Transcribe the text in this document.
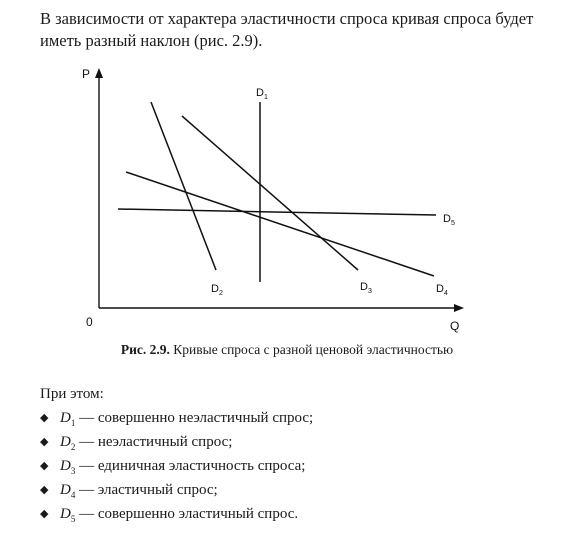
В зависимости от характера эластичности спроса кривая спроса будет иметь разный наклон (рис. 2.9).
P
Q
0
D1
D2
D3	D4
D5
Рис. 2.9. Кривые спроса с разной ценовой эластичностью
При этом:
◆ $D_1$ — совершенно неэластичный спрос;
◆ $D_2$ — неэластичный спрос;
◆ $D_3$ — единичная эластичность спроса;
◆ $D_4$ — эластичный спрос;
◆ $D_5$ — совершенно эластичный спрос.
